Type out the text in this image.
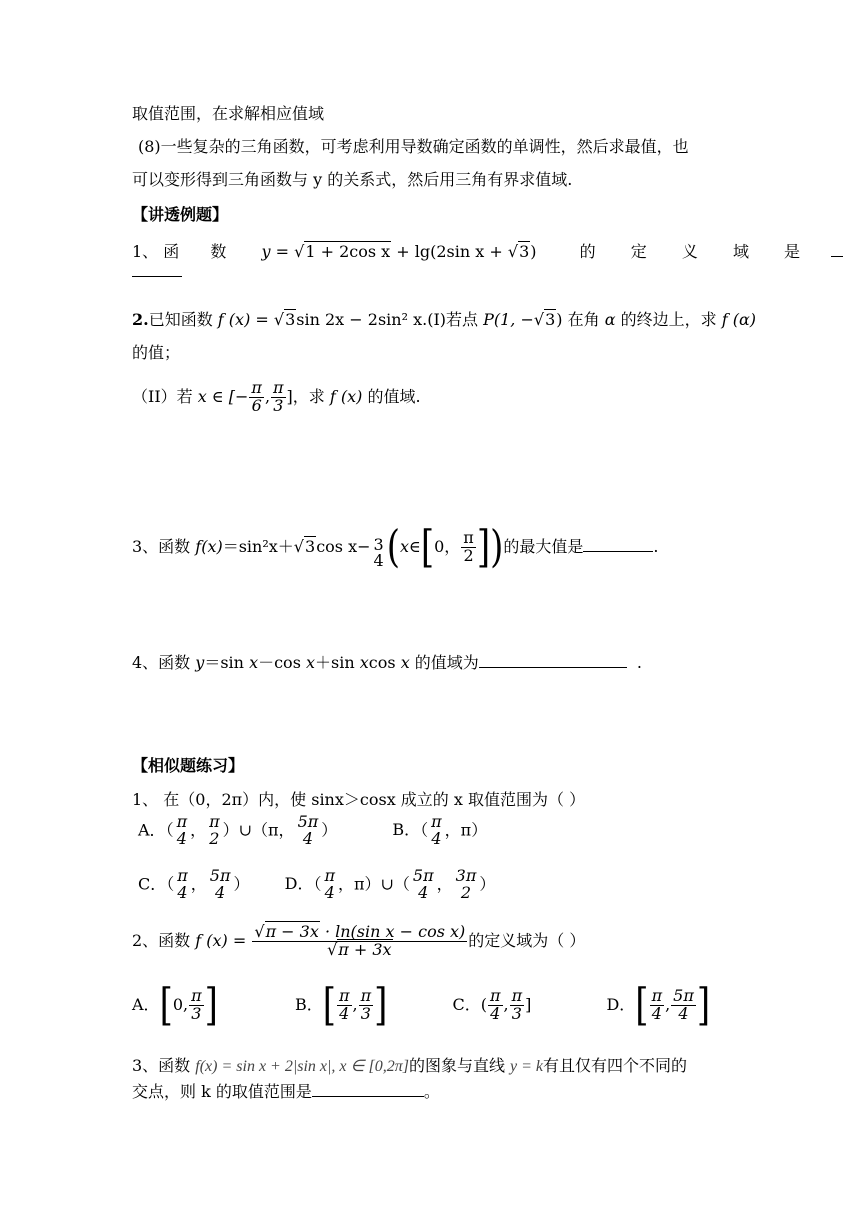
取值范围，在求解相应值域
(8)一些复杂的三角函数，可考虑利用导数确定函数的单调性，然后求最值，也
可以变形得到三角函数与 y 的关系式，然后用三角有界求值域.
【讲透例题】
1、 函 数 y = √1 + 2cos x + lg(2sin x + √3)	的 定 义 域 是
2.已知函数 f (x) = √3sin 2x − 2sin² x.(I)若点 P(1, −√3) 在角 α 的终边上，求 f (α)
的值；
（II）若 x ∈ [− $\frac{\pi}{6}$ , $\frac{\pi}{3}$ ]，求 f (x) 的值域.
3、函数 f(x)＝sin²x＋√3cos x− 3
4 (x∈[0， $\frac{\pi}{2}$ ])的最大值是	.
4、函数 y＝sin x－cos x＋sin xcos x 的值域为	.
【相似题练习】
1、 在（0，2π）内，使 sinx＞cosx 成立的 x 取值范围为（ ）
A．（ π
4 ， π
2 ）∪（π， 5π
4 ）	B．（ π
4 ，π）
C．（ π
4 ， 5π
4 ） D．（ π
4 ，π）∪（ 5π
4 ， 3π
2 ）
2、函数 f $(x) = \frac{\text{√π − 3x · ln(sin x − cos x)}}{√\pi + 3x}$ 的定义域为（ ）
A．[0, $\frac{\pi}{3}$ ]	B．[ $\frac{\pi}{4}$ , $\frac{\pi}{3}$ ]	C．( $\frac{\pi}{4}$ , $\frac{\pi}{3}$ ]	D．[ $\frac{\pi}{4}$ , $\frac{5\pi}{4}$ ]
3、函数 f(x) = sin x + 2|sin x|, x ∈ [0,2π]的图象与直线 y = k有且仅有四个不同的
交点，则 k 的取值范围是	。
